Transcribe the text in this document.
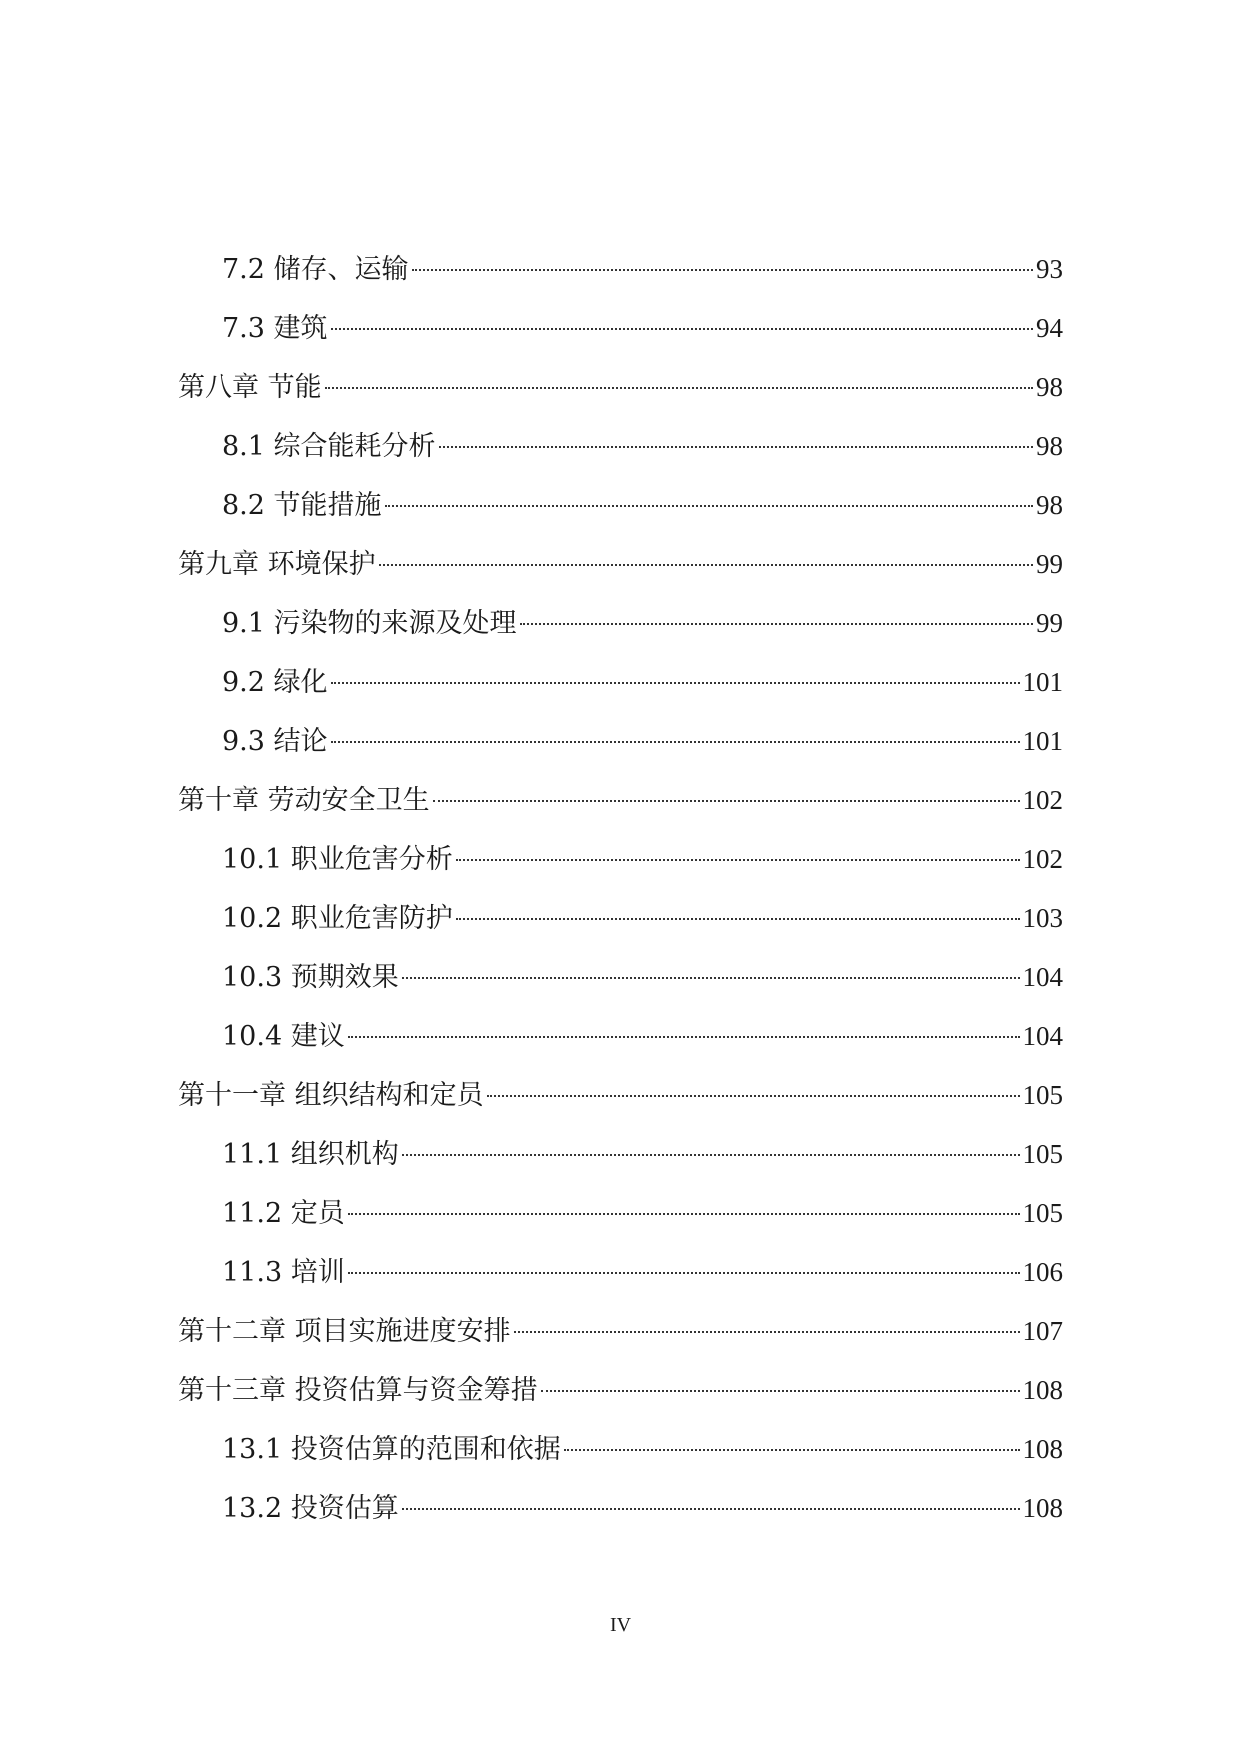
7.2 储存、运输	93
7.3 建筑	94
第八章 节能	98
8.1 综合能耗分析	98
8.2 节能措施	98
第九章 环境保护	99
9.1 污染物的来源及处理	99
9.2 绿化	101
9.3 结论	101
第十章 劳动安全卫生	102
10.1 职业危害分析	102
10.2 职业危害防护	103
10.3 预期效果	104
10.4 建议	104
第十一章 组织结构和定员	105
11.1 组织机构	105
11.2 定员	105
11.3 培训	106
第十二章 项目实施进度安排	107
第十三章 投资估算与资金筹措	108
13.1 投资估算的范围和依据	108
13.2 投资估算	108
IV
